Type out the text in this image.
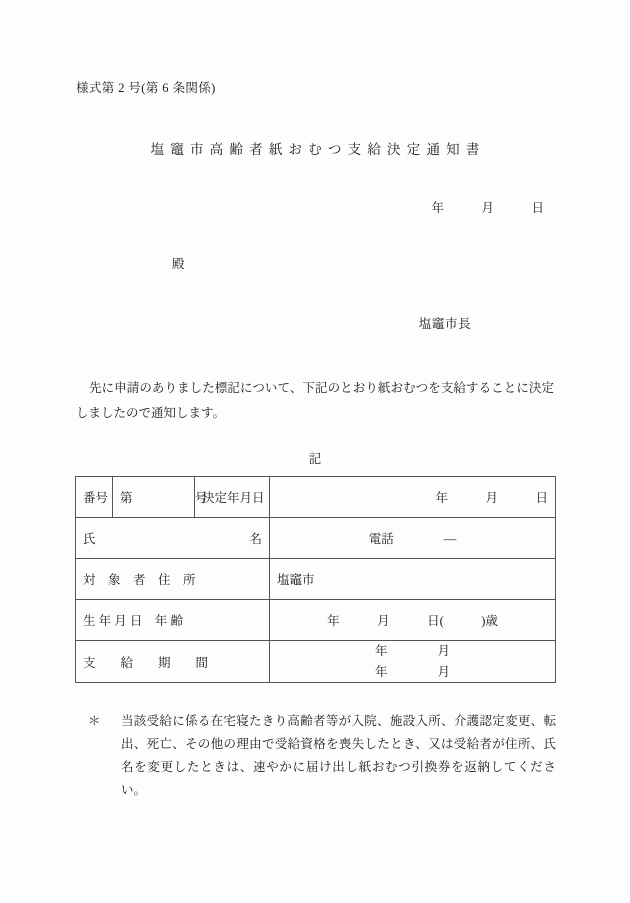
様式第 2 号(第 6 条関係)
塩竈市高齢者紙おむつ支給決定通知書
年　　　月　　　日
殿
塩竈市長
先に申請のありました標記について、下記のとおり紙おむつを支給することに決定しましたので通知します。
記
番 号	第　　　　　号	決定年月日	年　　　月　　　日

氏 名			電話　　　　―
対　象　者　住　所			塩竈市
生 年 月 日　年 齢			年　　　月　　　日(　　　)歳
支　　給　　期　　間			年　　　　月
年　　　　月
＊	当該受給に係る在宅寝たきり高齢者等が入院、施設入所、介護認定変更、転出、死亡、その他の理由で受給資格を喪失したとき、又は受給者が住所、氏名を変更したときは、速やかに届け出し紙おむつ引換券を返納してください。
